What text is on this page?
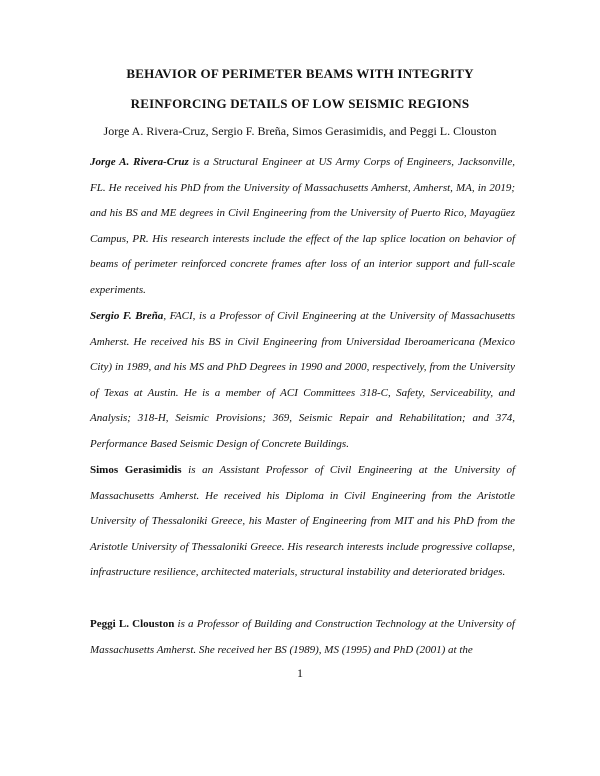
BEHAVIOR OF PERIMETER BEAMS WITH INTEGRITY
REINFORCING DETAILS OF LOW SEISMIC REGIONS
Jorge A. Rivera-Cruz, Sergio F. Breña, Simos Gerasimidis, and Peggi L. Clouston

Jorge A. Rivera-Cruz is a Structural Engineer at US Army Corps of Engineers, Jacksonville, FL. He received his PhD from the University of Massachusetts Amherst, Amherst, MA, in 2019; and his BS and ME degrees in Civil Engineering from the University of Puerto Rico, Mayagüez Campus, PR. His research interests include the effect of the lap splice location on behavior of beams of perimeter reinforced concrete frames after loss of an interior support and full-scale experiments.

Sergio F. Breña, FACI, is a Professor of Civil Engineering at the University of Massachusetts Amherst. He received his BS in Civil Engineering from Universidad Iberoamericana (Mexico City) in 1989, and his MS and PhD Degrees in 1990 and 2000, respectively, from the University of Texas at Austin. He is a member of ACI Committees 318-C, Safety, Serviceability, and Analysis; 318-H, Seismic Provisions; 369, Seismic Repair and Rehabilitation; and 374, Performance Based Seismic Design of Concrete Buildings.

Simos Gerasimidis is an Assistant Professor of Civil Engineering at the University of Massachusetts Amherst. He received his Diploma in Civil Engineering from the Aristotle University of Thessaloniki Greece, his Master of Engineering from MIT and his PhD from the Aristotle University of Thessaloniki Greece. His research interests include progressive collapse, infrastructure resilience, architected materials, structural instability and deteriorated bridges.

Peggi L. Clouston is a Professor of Building and Construction Technology at the University of Massachusetts Amherst. She received her BS (1989), MS (1995) and PhD (2001) at the

1
